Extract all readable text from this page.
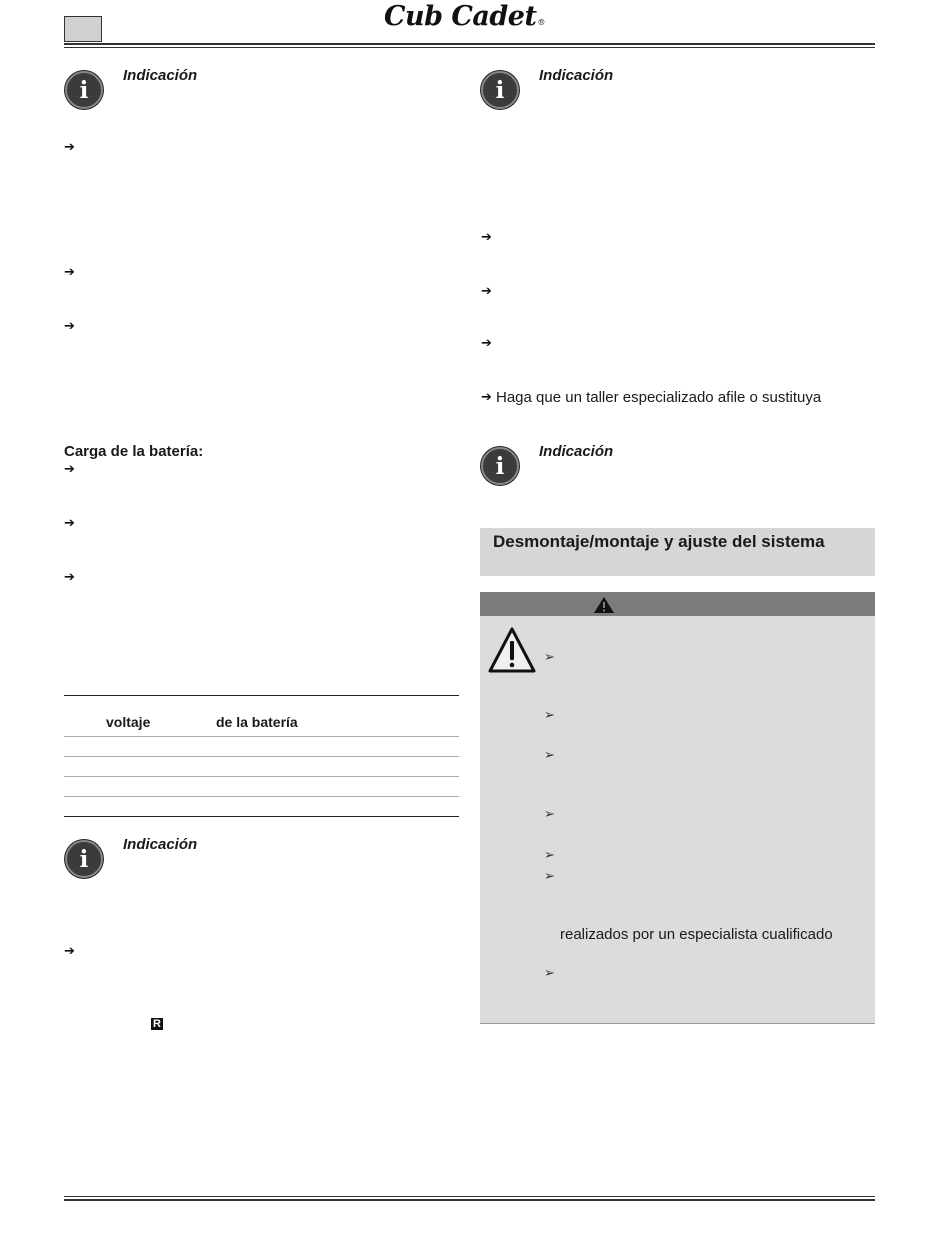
Cub Cadet®
i
Indicación
➔
➔
➔
Carga de la batería:
➔
➔
➔
voltaje	de la batería
i
Indicación
➔
R
i
Indicación
➔
➔
➔
➔ Haga que un taller especializado afile o sustituya
i
Indicación
Desmontaje/montaje y ajuste del sistema
➢
➢
➢
➢
➢
➢
realizados por un especialista cualificado
➢
